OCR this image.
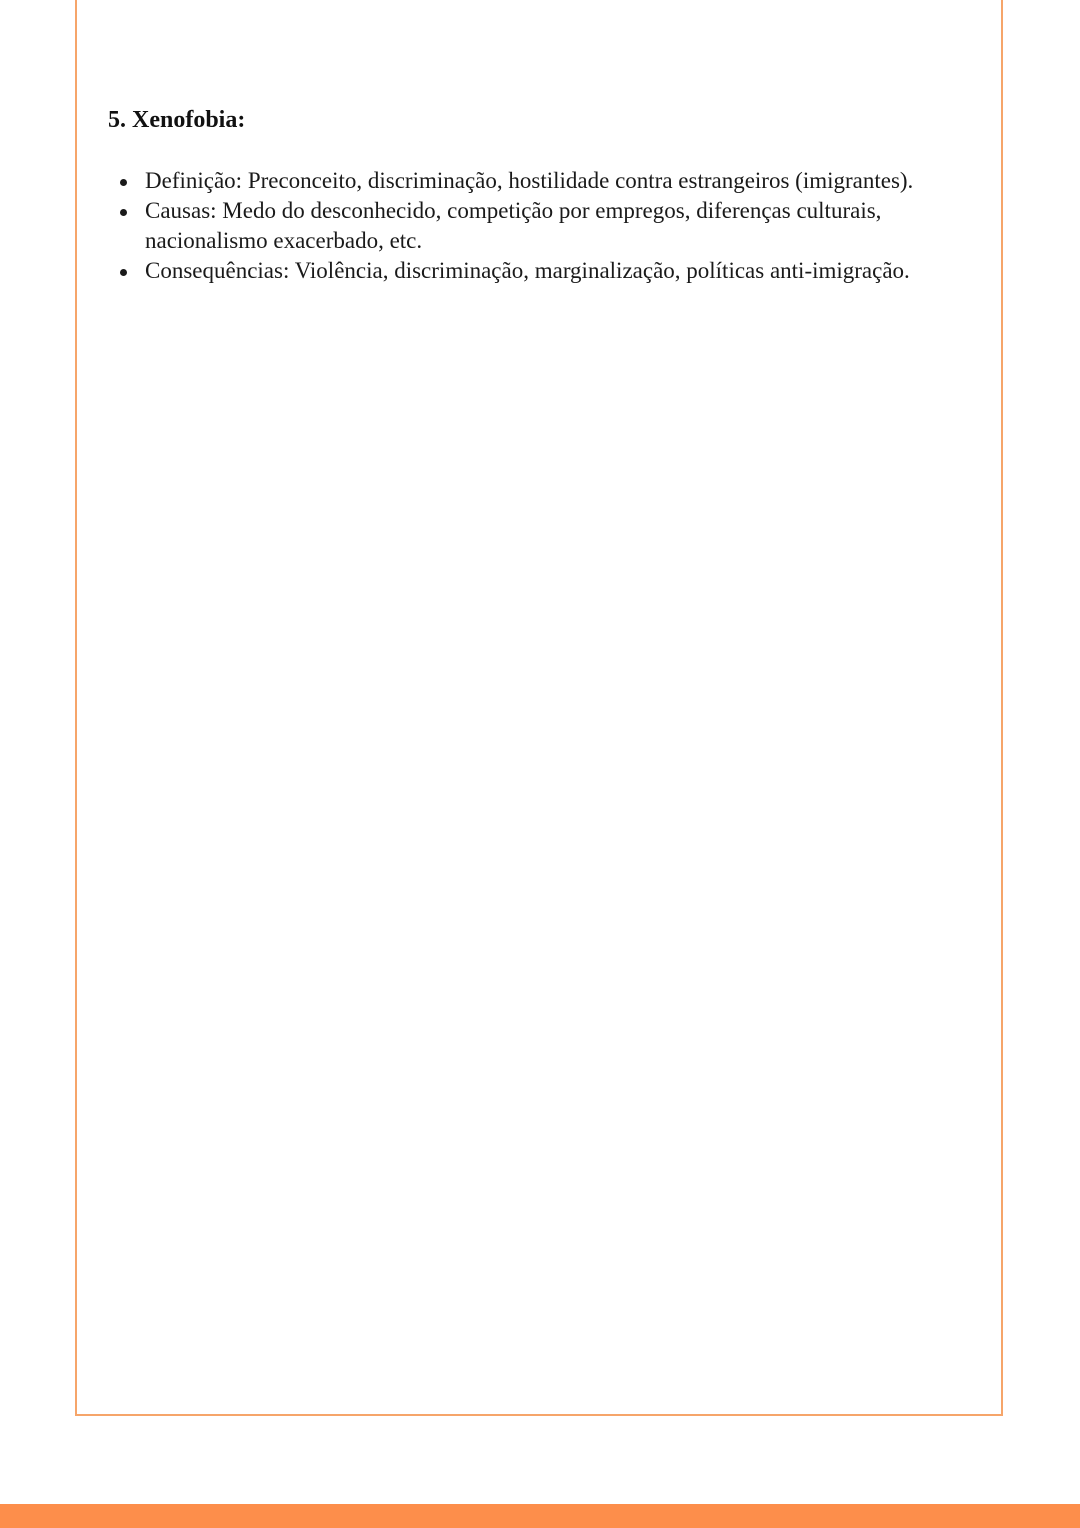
5. Xenofobia:
Definição: Preconceito, discriminação, hostilidade contra estrangeiros (imigrantes).
Causas: Medo do desconhecido, competição por empregos, diferenças culturais, nacionalismo exacerbado, etc.
Consequências: Violência, discriminação, marginalização, políticas anti-imigração.
